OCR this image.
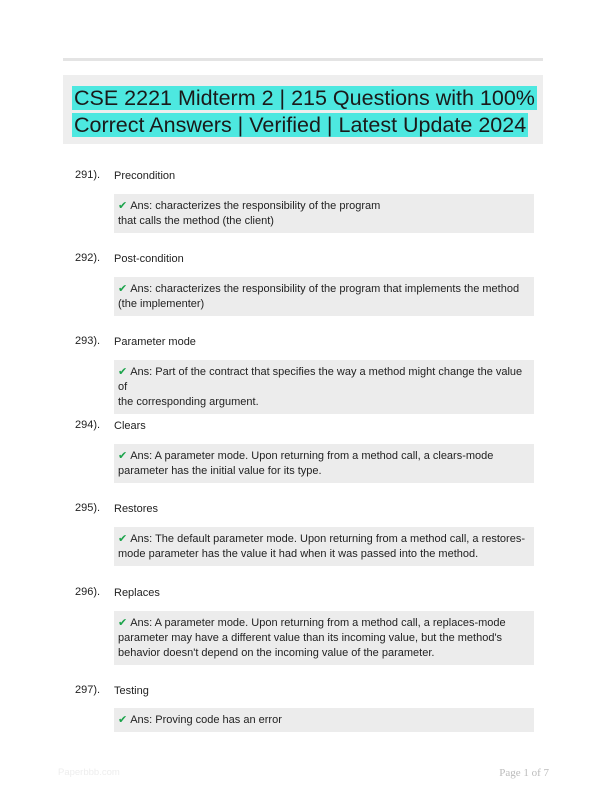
CSE 2221 Midterm 2 | 215 Questions with 100% Correct Answers | Verified | Latest Update 2024
291). Precondition
✔ Ans: characterizes the responsibility of the program
that calls the method (the client)
292). Post-condition
✔ Ans: characterizes the responsibility of the program that implements the method
(the implementer)
293). Parameter mode
✔ Ans: Part of the contract that specifies the way a method might change the value of
the corresponding argument.
294). Clears
✔ Ans: A parameter mode. Upon returning from a method call, a clears-mode
parameter has the initial value for its type.
295). Restores
✔ Ans: The default parameter mode. Upon returning from a method call, a restores-
mode parameter has the value it had when it was passed into the method.
296). Replaces
✔ Ans: A parameter mode. Upon returning from a method call, a replaces-mode
parameter may have a different value than its incoming value, but the method's
behavior doesn't depend on the incoming value of the parameter.
297). Testing
✔ Ans: Proving code has an error
Paperbbb.com	Page 1 of 7
